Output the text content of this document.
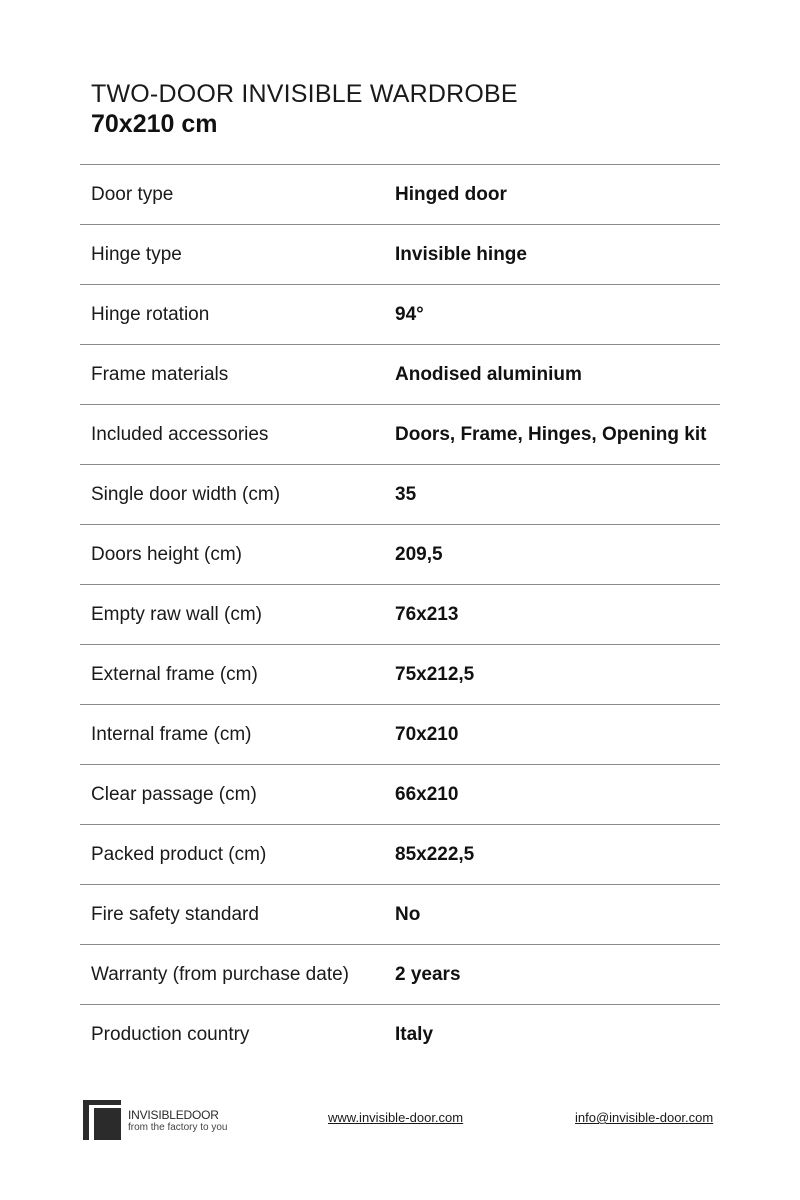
TWO-DOOR INVISIBLE WARDROBE
70x210 cm
Door type	Hinged door
Hinge type	Invisible hinge
Hinge rotation	94°
Frame materials	Anodised aluminium
Included accessories	Doors, Frame, Hinges, Opening kit
Single door width (cm)	35
Doors height (cm)	209,5
Empty raw wall (cm)	76x213
External frame (cm)	75x212,5
Internal frame (cm)	70x210
Clear passage (cm)	66x210
Packed product (cm)	85x222,5
Fire safety standard	No
Warranty (from purchase date)	2 years
Production country	Italy
INVISIBLEDOOR
from the factory to you
www.invisible-door.com	info@invisible-door.com
